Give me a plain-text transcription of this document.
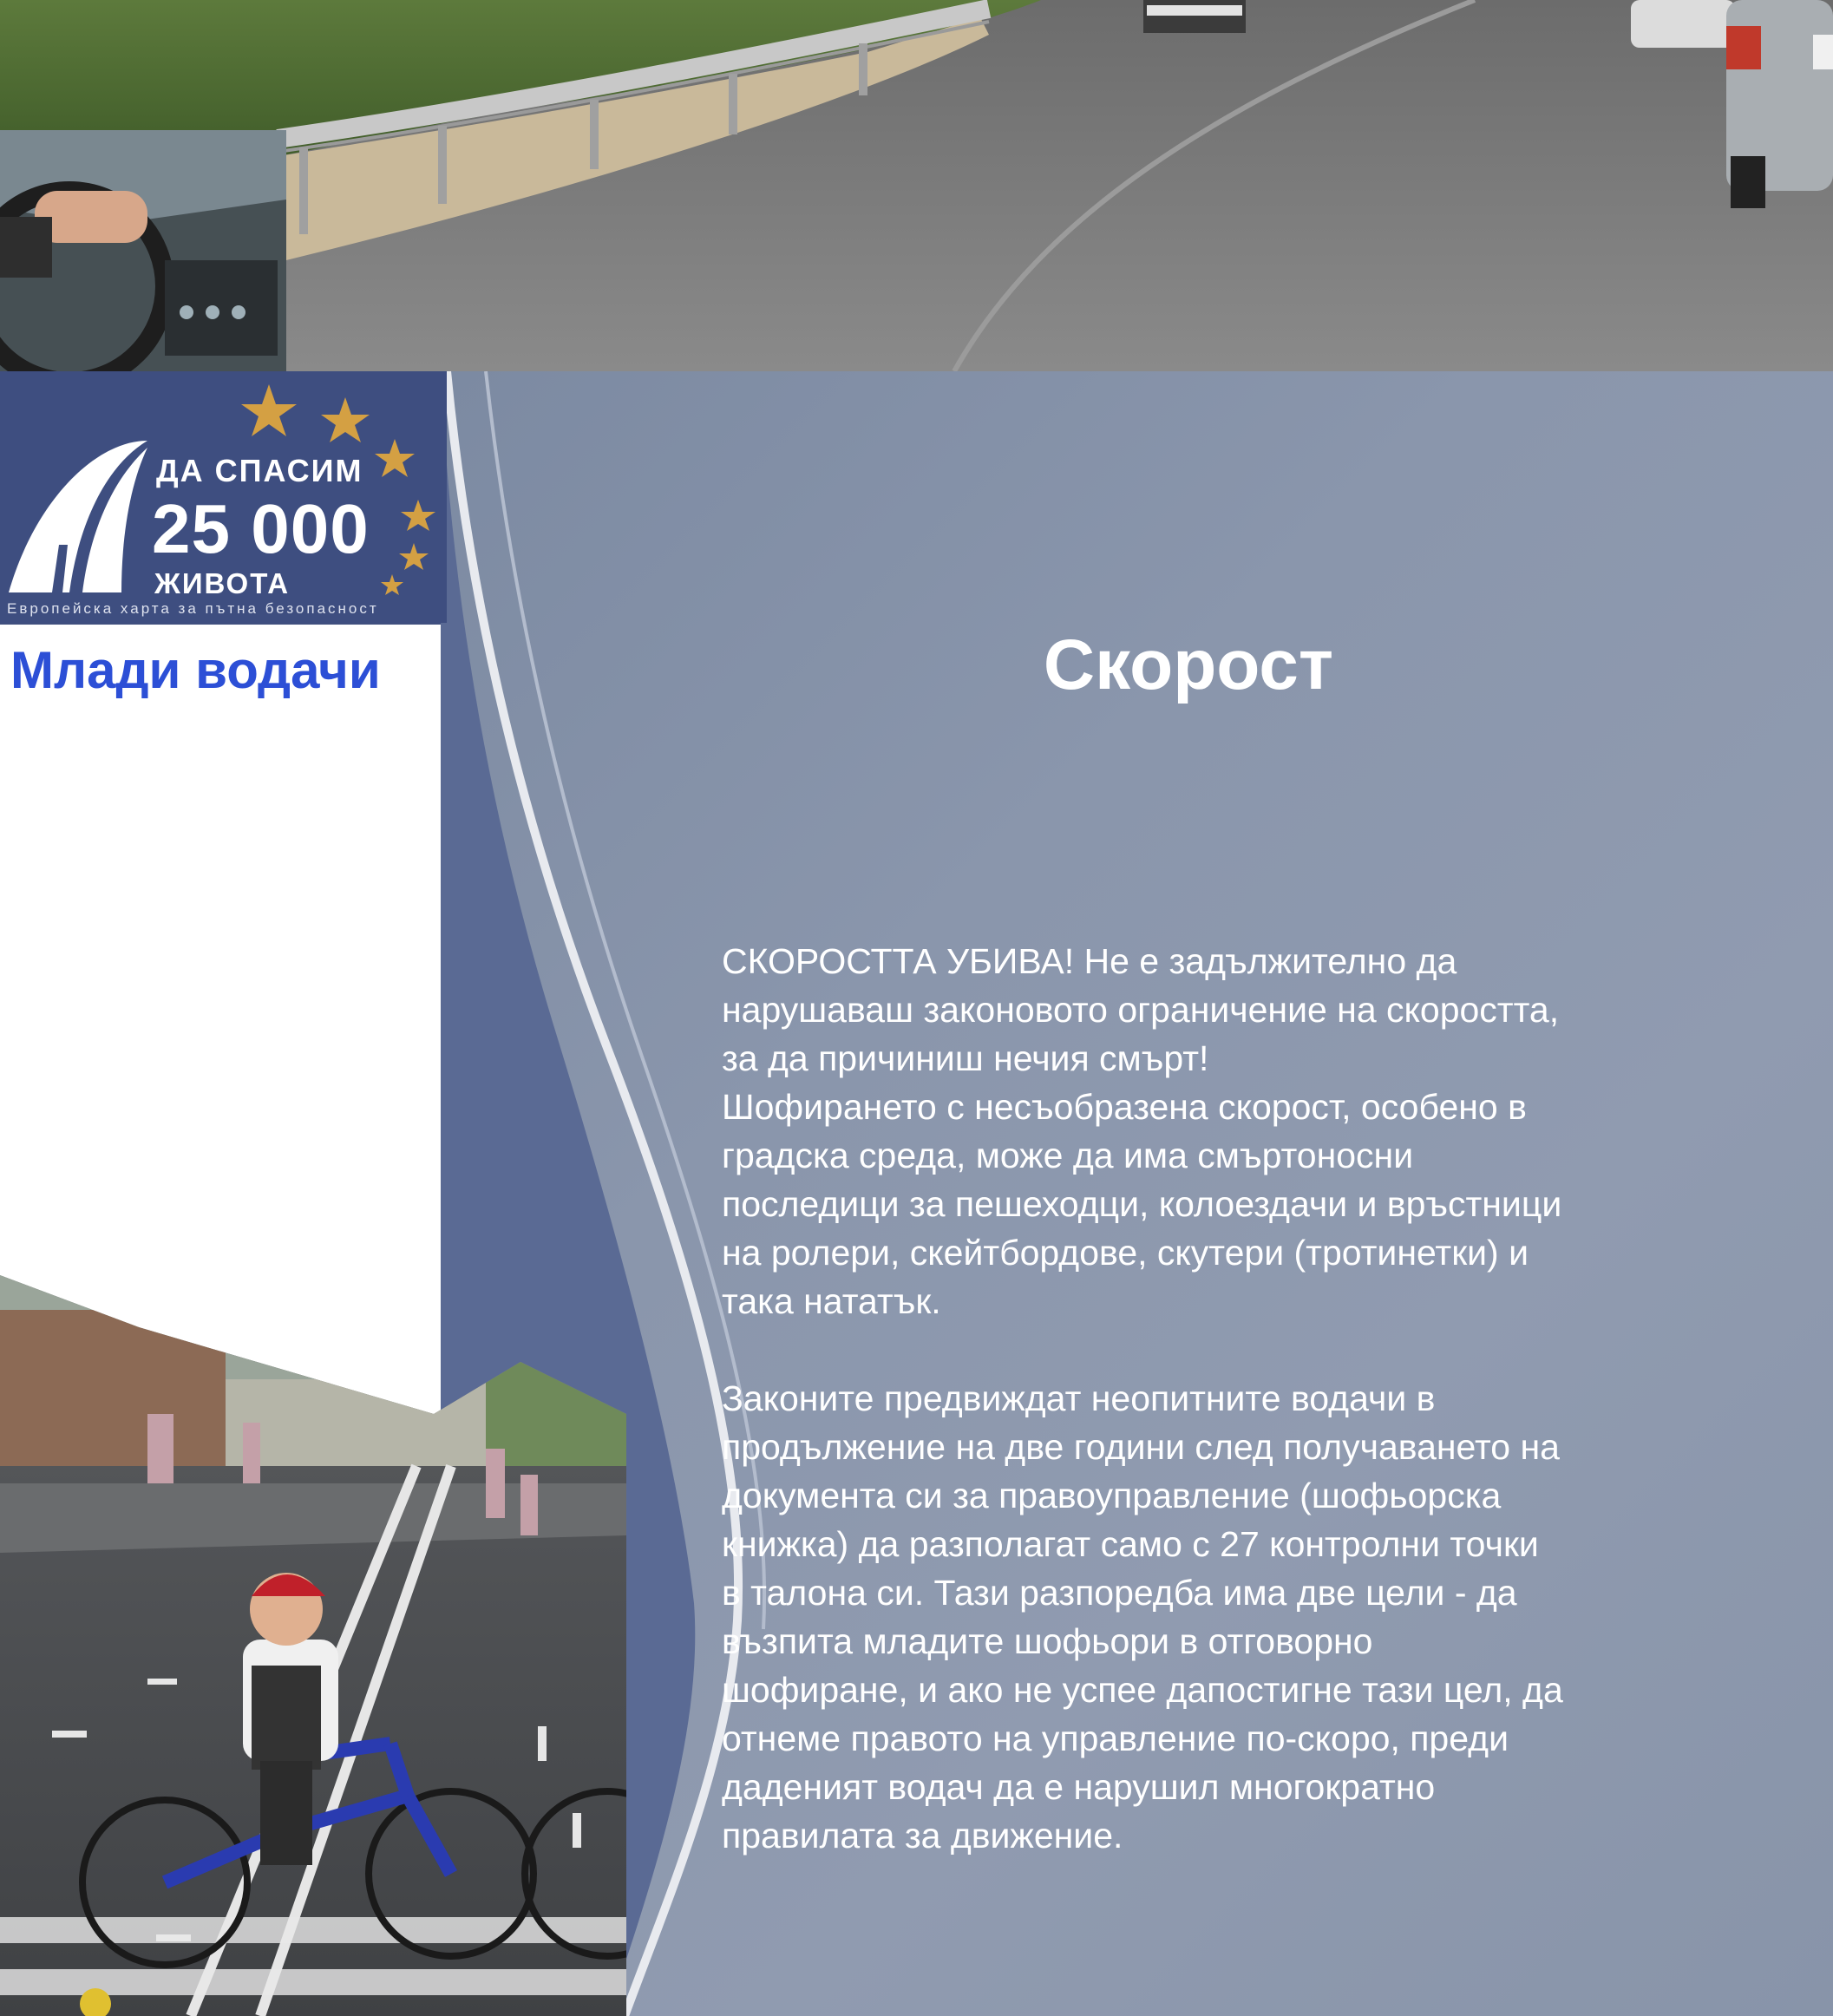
ДА СПАСИМ
25 000
ЖИВОТА
Европейска харта за пътна безопасност
Млади водачи	Скорост

СКОРОСТТА УБИВА! Не е задължително да
нарушаваш законовото ограничение на скоростта,
за да причиниш нечия смърт!
Шофирането с несъобразена скорост, особено в
градска среда, може да има смъртоносни
последици за пешеходци, колоездачи и връстници
на ролери, скейтбордове, скутери (тротинетки) и
така нататък.

Законите предвиждат неопитните водачи в
продължение на две години след получаването на
документа си за правоуправление (шофьорска
книжка) да разполагат само с 27 контролни точки
в талона си. Тази разпоредба има две цели - да
възпита младите шофьори в отговорно
шофиране, и ако не успее дапостигне тази цел, да
отнеме правото на управление по-скоро, преди
даденият водач да е нарушил многократно
правилата за движение.
